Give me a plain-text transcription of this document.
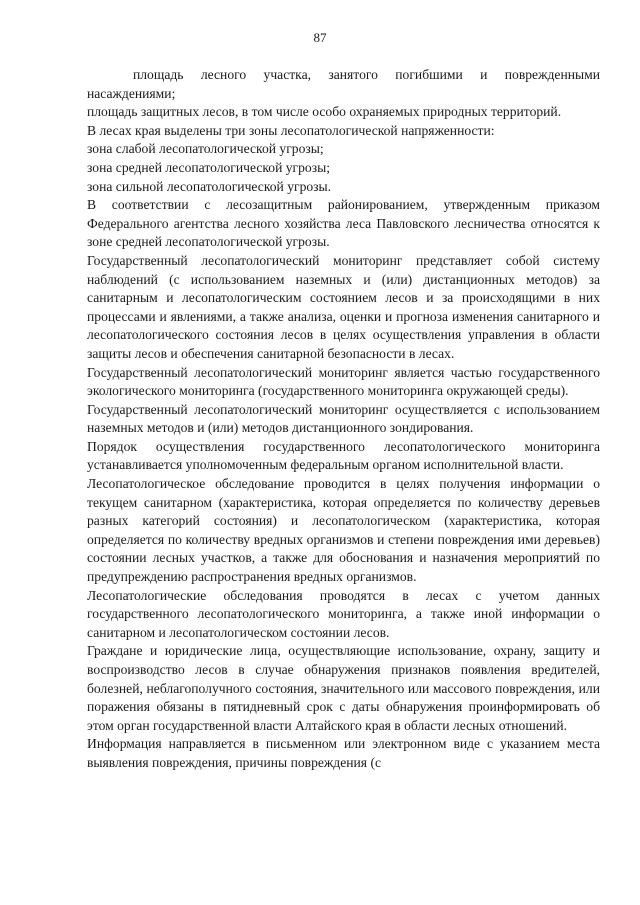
87

площадь лесного участка, занятого погибшими и поврежденными насаждениями;

площадь защитных лесов, в том числе особо охраняемых природных территорий.

В лесах края выделены три зоны лесопатологической напряженности:

зона слабой лесопатологической угрозы;

зона средней лесопатологической угрозы;

зона сильной лесопатологической угрозы.

В соответствии с лесозащитным районированием, утвержденным приказом Федерального агентства лесного хозяйства леса Павловского лесничества относятся к зоне средней лесопатологической угрозы.

Государственный лесопатологический мониторинг представляет собой систему наблюдений (с использованием наземных и (или) дистанционных методов) за санитарным и лесопатологическим состоянием лесов и за происходящими в них процессами и явлениями, а также анализа, оценки и прогноза изменения санитарного и лесопатологического состояния лесов в целях осуществления управления в области защиты лесов и обеспечения санитарной безопасности в лесах.

Государственный лесопатологический мониторинг является частью государственного экологического мониторинга (государственного мониторинга окружающей среды).

Государственный лесопатологический мониторинг осуществляется с использованием наземных методов и (или) методов дистанционного зондирования.

Порядок осуществления государственного лесопатологического мониторинга устанавливается уполномоченным федеральным органом исполнительной власти.

Лесопатологическое обследование проводится в целях получения информации о текущем санитарном (характеристика, которая определяется по количеству деревьев разных категорий состояния) и лесопатологическом (характеристика, которая определяется по количеству вредных организмов и степени повреждения ими деревьев) состоянии лесных участков, а также для обоснования и назначения мероприятий по предупреждению распространения вредных организмов.

Лесопатологические обследования проводятся в лесах с учетом данных государственного лесопатологического мониторинга, а также иной информации о санитарном и лесопатологическом состоянии лесов.

Граждане и юридические лица, осуществляющие использование, охрану, защиту и воспроизводство лесов в случае обнаружения признаков появления вредителей, болезней, неблагополучного состояния, значительного или массового повреждения, или поражения обязаны в пятидневный срок с даты обнаружения проинформировать об этом орган государственной власти Алтайского края в области лесных отношений.

Информация направляется в письменном или электронном виде с указанием места выявления повреждения, причины повреждения (с
